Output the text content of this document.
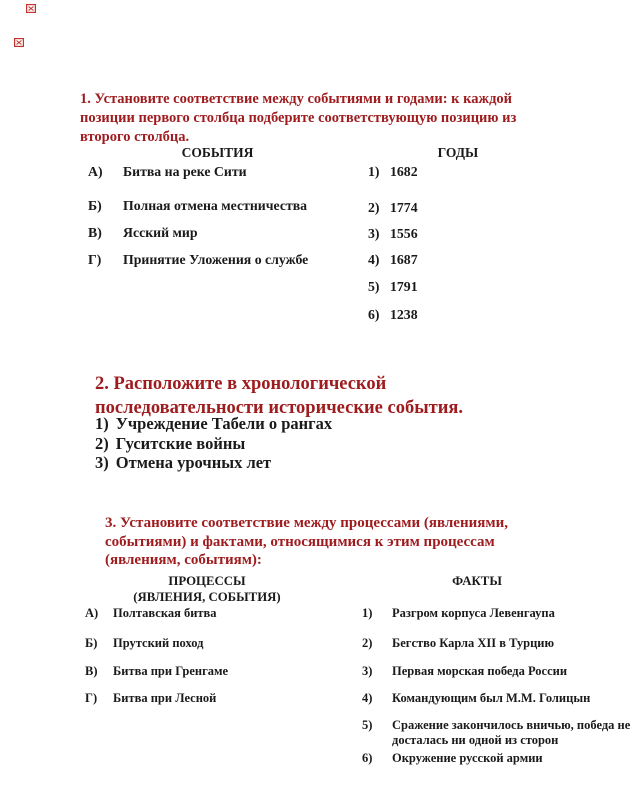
1. Установите соответствие между событиями и годами: к каждой
позиции первого столбца подберите соответствующую позицию из
второго столбца.
СОБЫТИЯ	ГОДЫ
А) Битва на реке Сити
Б) Полная отмена местничества
В) Ясский мир
Г) Принятие Уложения о службе
1) 1682
2) 1774
3) 1556
4) 1687
5) 1791
6) 1238
2. Расположите в хронологической
последовательности исторические события.
1) Учреждение Табели о рангах
2) Гуситские войны
3) Отмена урочных лет
3. Установите соответствие между процессами (явлениями,
событиями) и фактами, относящимися к этим процессам
(явлениям, событиям):
ПРОЦЕССЫ
(ЯВЛЕНИЯ, СОБЫТИЯ)
ФАКТЫ
А) Полтавская битва
Б) Прутский поход
В) Битва при Гренгаме
Г) Битва при Лесной
1) Разгром корпуса Левенгаупа
2) Бегство Карла XII в Турцию
3) Первая морская победа России
4) Командующим был М.М. Голицын
5) Сражение закончилось вничью, победа не досталась ни одной из сторон
6) Окружение русской армии
